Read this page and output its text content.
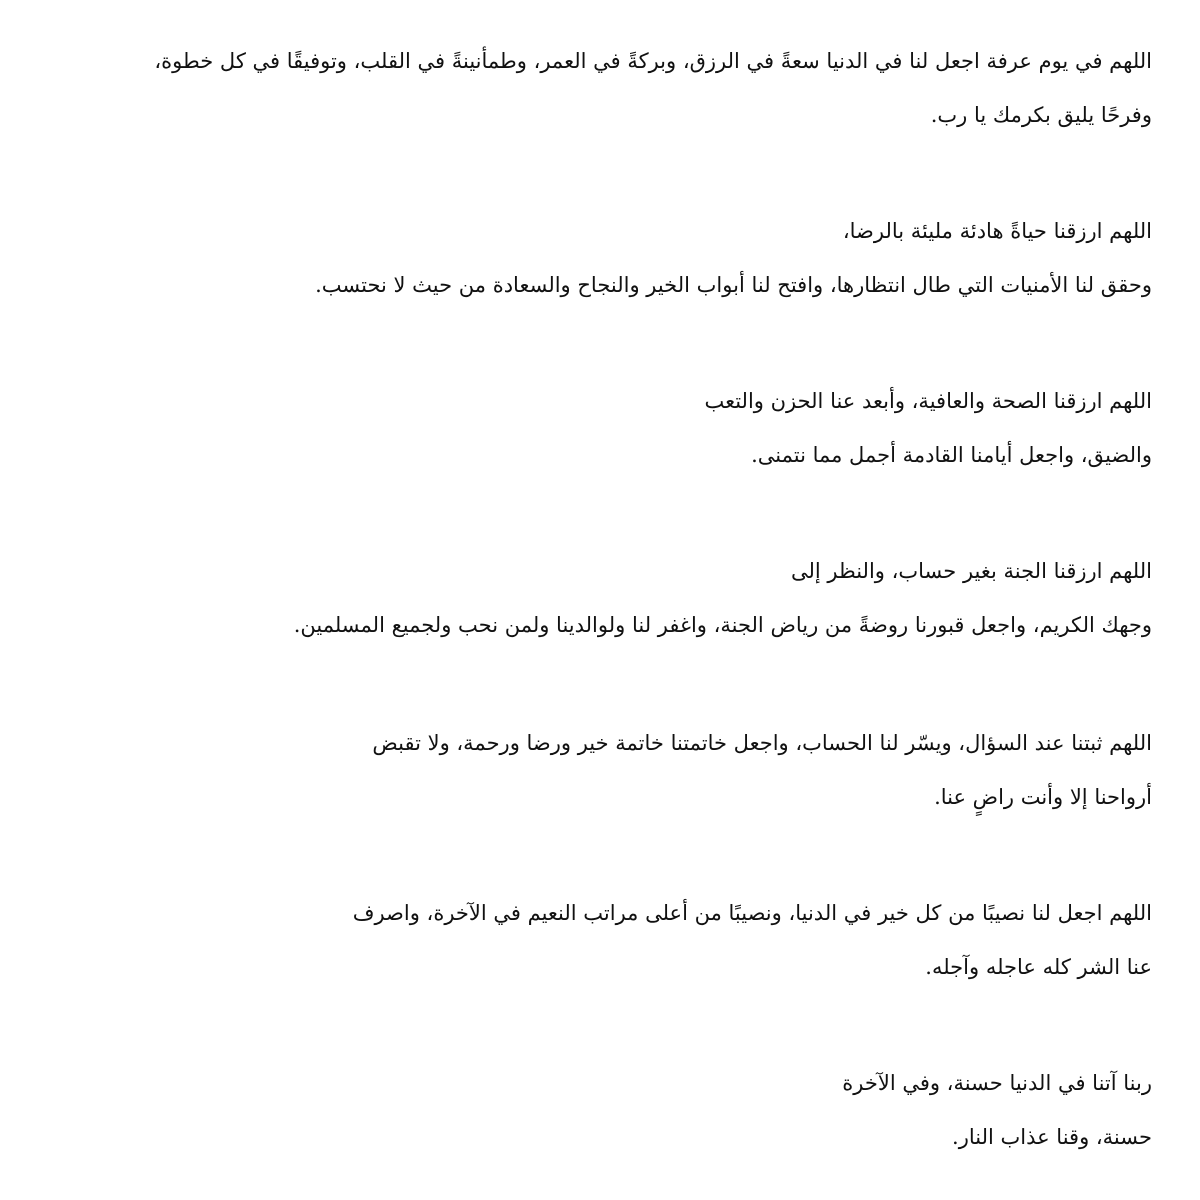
اللهم في يوم عرفة اجعل لنا في الدنيا سعةً في الرزق، وبركةً في العمر، وطمأنينةً في القلب، وتوفيقًا في كل خطوة،
وفرحًا يليق بكرمك يا رب.

اللهم ارزقنا حياةً هادئة مليئة بالرضا،
وحقق لنا الأمنيات التي طال انتظارها، وافتح لنا أبواب الخير والنجاح والسعادة من حيث لا نحتسب.

اللهم ارزقنا الصحة والعافية، وأبعد عنا الحزن والتعب
والضيق، واجعل أيامنا القادمة أجمل مما نتمنى.

اللهم ارزقنا الجنة بغير حساب، والنظر إلى
وجهك الكريم، واجعل قبورنا روضةً من رياض الجنة، واغفر لنا ولوالدينا ولمن نحب ولجميع المسلمين.

اللهم ثبتنا عند السؤال، ويسّر لنا الحساب، واجعل خاتمتنا خاتمة خير ورضا ورحمة، ولا تقبض
أرواحنا إلا وأنت راضٍ عنا.

اللهم اجعل لنا نصيبًا من كل خير في الدنيا، ونصيبًا من أعلى مراتب النعيم في الآخرة، واصرف
عنا الشر كله عاجله وآجله.

ربنا آتنا في الدنيا حسنة، وفي الآخرة
حسنة، وقنا عذاب النار.
